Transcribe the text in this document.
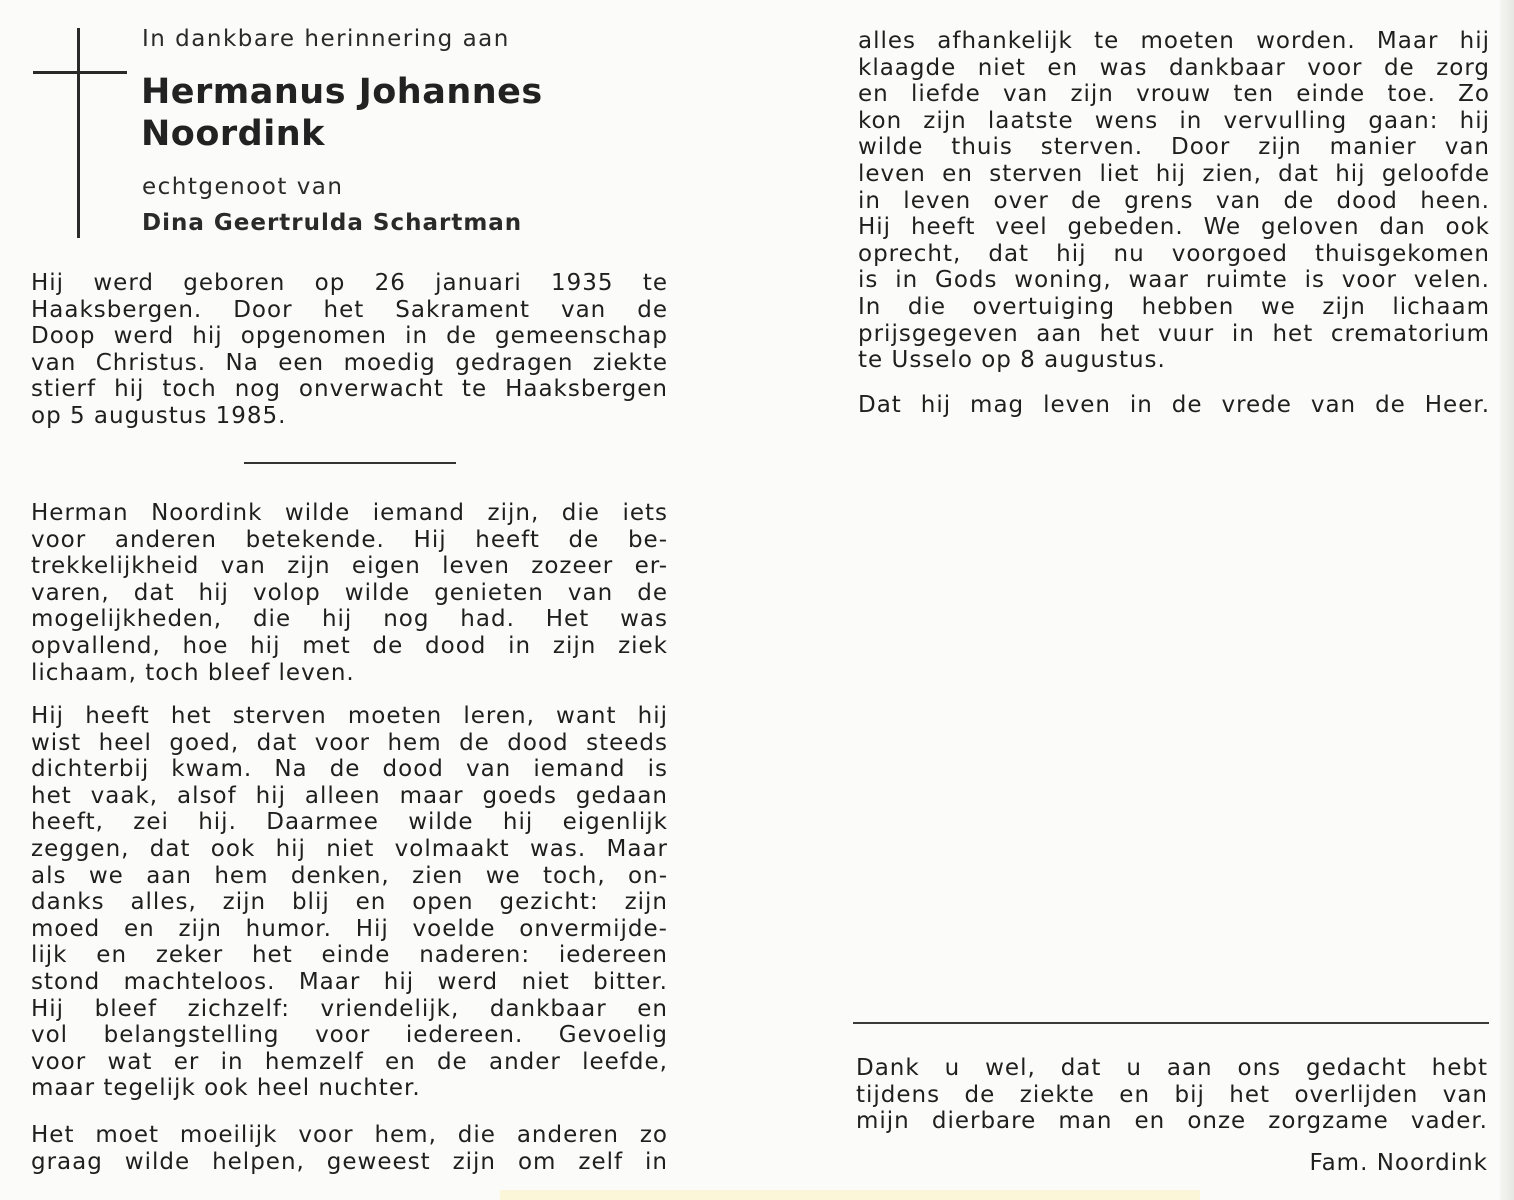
In dankbare herinnering aan
Hermanus Johannes
Noordink
echtgenoot van
Dina Geertrulda Schartman
Hij werd geboren op 26 januari 1935 te
Haaksbergen. Door het Sakrament van de
Doop werd hij opgenomen in de gemeenschap
van Christus. Na een moedig gedragen ziekte
stierf hij toch nog onverwacht te Haaksbergen
op 5 augustus 1985.
Herman Noordink wilde iemand zijn, die iets
voor anderen betekende. Hij heeft de be-
trekkelijkheid van zijn eigen leven zozeer er-
varen, dat hij volop wilde genieten van de
mogelijkheden, die hij nog had. Het was
opvallend, hoe hij met de dood in zijn ziek
lichaam, toch bleef leven.
Hij heeft het sterven moeten leren, want hij
wist heel goed, dat voor hem de dood steeds
dichterbij kwam. Na de dood van iemand is
het vaak, alsof hij alleen maar goeds gedaan
heeft, zei hij. Daarmee wilde hij eigenlijk
zeggen, dat ook hij niet volmaakt was. Maar
als we aan hem denken, zien we toch, on-
danks alles, zijn blij en open gezicht: zijn
moed en zijn humor. Hij voelde onvermijde-
lijk en zeker het einde naderen: iedereen
stond machteloos. Maar hij werd niet bitter.
Hij bleef zichzelf: vriendelijk, dankbaar en
vol belangstelling voor iedereen. Gevoelig
voor wat er in hemzelf en de ander leefde,
maar tegelijk ook heel nuchter.
Het moet moeilijk voor hem, die anderen zo
graag wilde helpen, geweest zijn om zelf in
alles afhankelijk te moeten worden. Maar hij
klaagde niet en was dankbaar voor de zorg
en liefde van zijn vrouw ten einde toe. Zo
kon zijn laatste wens in vervulling gaan: hij
wilde thuis sterven. Door zijn manier van
leven en sterven liet hij zien, dat hij geloofde
in leven over de grens van de dood heen.
Hij heeft veel gebeden. We geloven dan ook
oprecht, dat hij nu voorgoed thuisgekomen
is in Gods woning, waar ruimte is voor velen.
In die overtuiging hebben we zijn lichaam
prijsgegeven aan het vuur in het crematorium
te Usselo op 8 augustus.
Dat hij mag leven in de vrede van de Heer.
Dank u wel, dat u aan ons gedacht hebt
tijdens de ziekte en bij het overlijden van
mijn dierbare man en onze zorgzame vader.
Fam. Noordink
